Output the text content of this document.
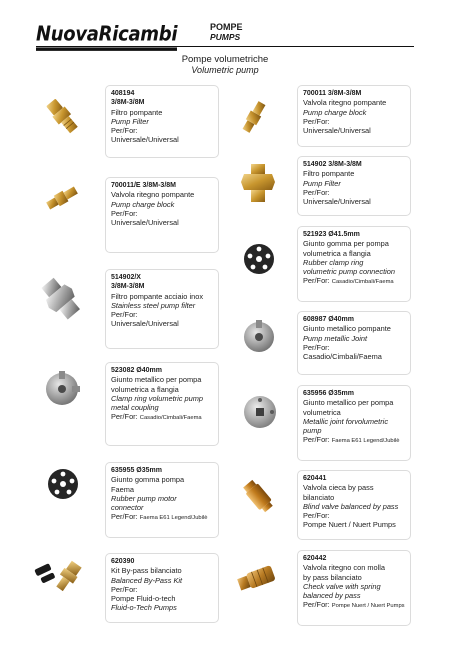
NuovaRicambi	POMPE
PUMPS
Pompe volumetriche
Volumetric pump
408194
3/8M-3/8M
Filtro pompante
Pump Filter
Per/For:
Universale/Universal
700011/E 3/8M-3/8M
Valvola ritegno pompante
Pump charge block
Per/For:
Universale/Universal
514902/X
3/8M-3/8M
Filtro pompante acciaio inox
Stainless steel pump filter
Per/For:
Universale/Universal
523082 Ø40mm
Giunto metallico per pompa
volumetrica a flangia
Clamp ring volumetric pump
metal coupling
Per/For: Casadio/Cimbali/Faema
635955 Ø35mm
Giunto gomma pompa
Faema
Rubber pump motor
connector
Per/For: Faema E61 Legend/Jubilè
620390
Kit By-pass bilanciato
Balanced By-Pass Kit
Per/For:
Pompe Fluid-o-tech
Fluid-o-Tech Pumps
700011 3/8M-3/8M
Valvola ritegno pompante
Pump charge block
Per/For:
Universale/Universal
514902 3/8M-3/8M
Filtro pompante
Pump Filter
Per/For:
Universale/Universal
521923 Ø41.5mm
Giunto gomma per pompa
volumetrica a flangia
Rubber clamp ring
volumetric pump connection
Per/For: Casadio/Cimbali/Faema
608987 Ø40mm
Giunto metallico pompante
Pump metallic Joint
Per/For:
Casadio/Cimbali/Faema
635956 Ø35mm
Giunto metallico per pompa
volumetrica
Metallic joint forvolumetric
pump
Per/For: Faema E61 Legend/Jubilè
620441
Valvola cieca by pass
bilanciato
Blind valve balanced by pass
Per/For:
Pompe Nuert / Nuert Pumps
620442
Valvola ritegno con molla
by pass bilanciato
Check valve with spring
balanced by pass
Per/For: Pompe Nuert / Nuert Pumps
